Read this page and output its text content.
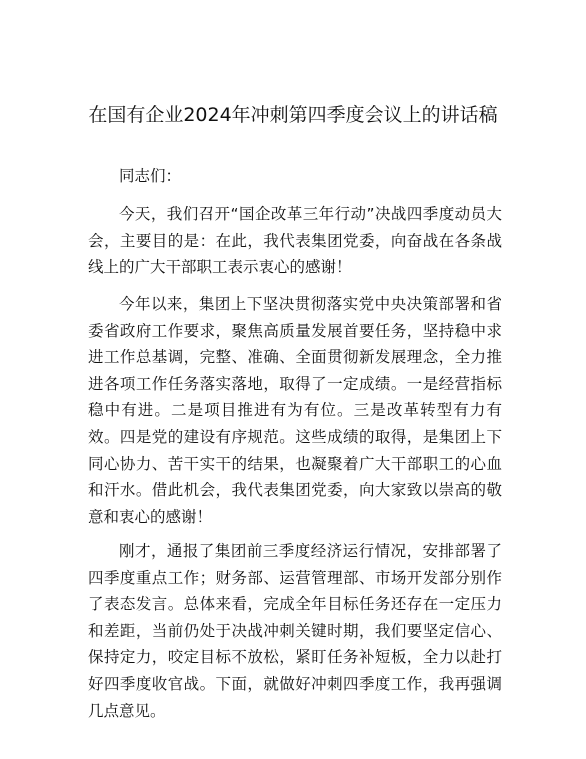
在国有企业2024年冲刺第四季度会议上的讲话稿

同志们：

今天，我们召开“国企改革三年行动”决战四季度动员大会，主要目的是：在此，我代表集团党委，向奋战在各条战线上的广大干部职工表示衷心的感谢！

今年以来，集团上下坚决贯彻落实党中央决策部署和省委省政府工作要求，聚焦高质量发展首要任务，坚持稳中求进工作总基调，完整、准确、全面贯彻新发展理念，全力推进各项工作任务落实落地，取得了一定成绩。一是经营指标稳中有进。二是项目推进有为有位。三是改革转型有力有效。四是党的建设有序规范。这些成绩的取得，是集团上下同心协力、苦干实干的结果，也凝聚着广大干部职工的心血和汗水。借此机会，我代表集团党委，向大家致以崇高的敬意和衷心的感谢！

刚才，通报了集团前三季度经济运行情况，安排部署了四季度重点工作；财务部、运营管理部、市场开发部分别作了表态发言。总体来看，完成全年目标任务还存在一定压力和差距，当前仍处于决战冲刺关键时期，我们要坚定信心、保持定力，咬定目标不放松，紧盯任务补短板，全力以赴打好四季度收官战。下面，就做好冲刺四季度工作，我再强调几点意见。
